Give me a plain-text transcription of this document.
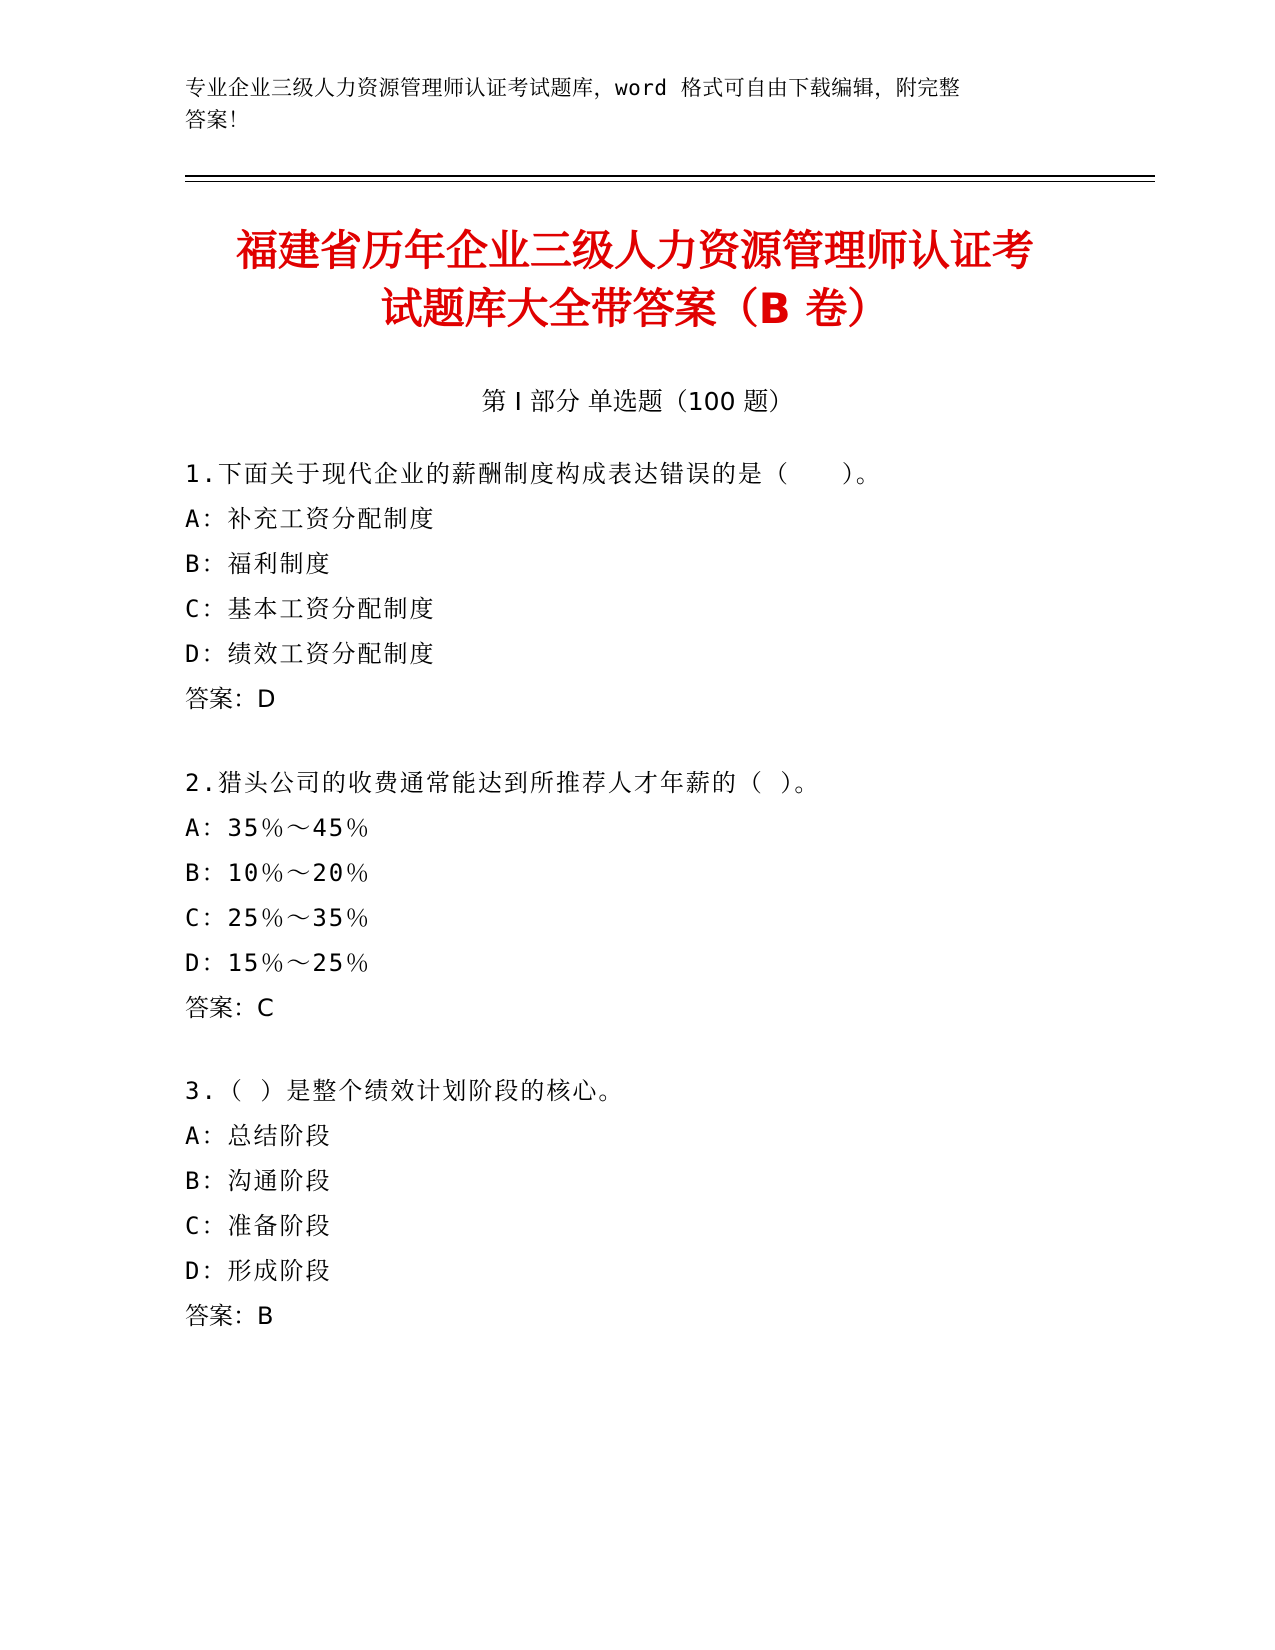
专业企业三级人力资源管理师认证考试题库，word 格式可自由下载编辑，附完整
答案！
福建省历年企业三级人力资源管理师认证考
试题库大全带答案（B 卷）
第 I 部分 单选题（100 题）
1.下面关于现代企业的薪酬制度构成表达错误的是（　　）。
A：补充工资分配制度
B：福利制度
C：基本工资分配制度
D：绩效工资分配制度
答案：D
2.猎头公司的收费通常能达到所推荐人才年薪的（ ）。
A：35％～45％
B：10％～20％
C：25％～35％
D：15％～25％
答案：C
3.（ ）是整个绩效计划阶段的核心。
A：总结阶段
B：沟通阶段
C：准备阶段
D：形成阶段
答案：B
